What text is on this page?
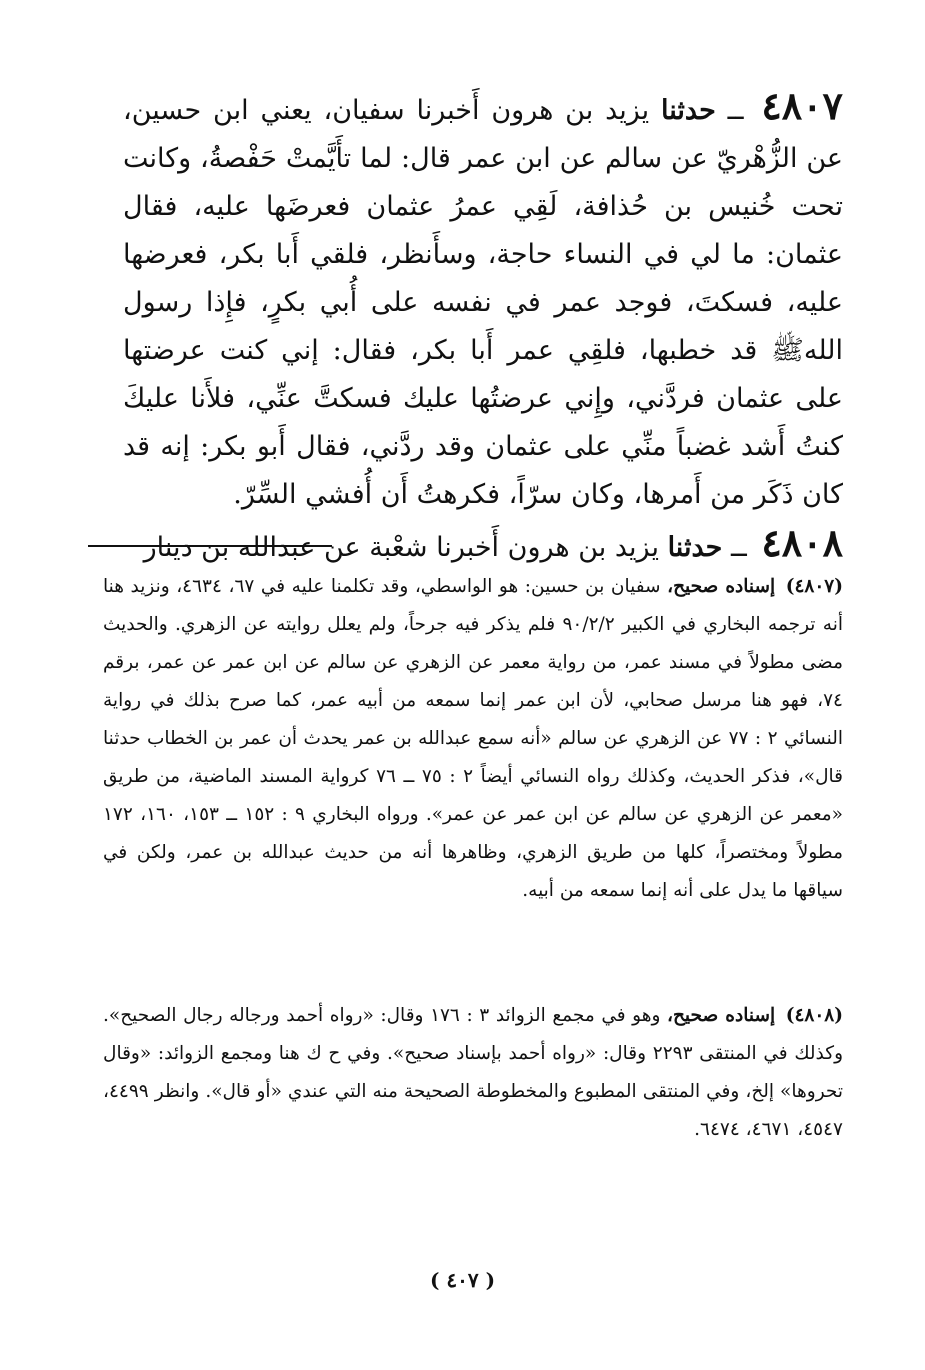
٤٨٠٧ ــ حدثنا يزيد بن هرون أَخبرنا سفيان، يعني ابن حسين، عن الزُّهْريّ عن سالم عن ابن عمر قال: لما تأَيَّمتْ حَفْصةُ، وكانت تحت خُنيس بن حُذافة، لَقِي عمرُ عثمان فعرضَها عليه، فقال عثمان: ما لي في النساء حاجة، وسأَنظر، فلقي أَبا بكر، فعرضها عليه، فسكتَ، فوجد عمر في نفسه على أُبي بكرٍ، فإِذا رسول اللهﷺ قد خطبها، فلقِي عمر أَبا بكر، فقال: إني كنت عرضتها على عثمان فردَّني، وإِني عرضتُها عليك فسكتَّ عنِّي، فلأَنا عليكَ كنتُ أَشد غضباً منِّي على عثمان وقد ردَّني، فقال أَبو بكر: إنه قد كان ذَكَر من أَمرها، وكان سرّاً، فكرهتُ أَن أُفشي السِّرّ.
٤٨٠٨ ــ حدثنا يزيد بن هرون أَخبرنا شعْبة عن عبدالله بن دينار

(٤٨٠٧) إسناده صحيح، سفيان بن حسين: هو الواسطي، وقد تكلمنا عليه في ٦٧، ٤٦٣٤، ونزيد هنا أنه ترجمه البخاري في الكبير ٩٠/٢/٢ فلم يذكر فيه جرحاً، ولم يعلل روايته عن الزهري. والحديث مضى مطولاً في مسند عمر، من رواية معمر عن الزهري عن سالم عن ابن عمر عن عمر، برقم ٧٤، فهو هنا مرسل صحابي، لأن ابن عمر إنما سمعه من أبيه عمر، كما صرح بذلك في رواية النسائي ٢ : ٧٧ عن الزهري عن سالم «أنه سمع عبدالله بن عمر يحدث أن عمر بن الخطاب حدثنا قال»، فذكر الحديث، وكذلك رواه النسائي أيضاً ٢ : ٧٥ ــ ٧٦ كرواية المسند الماضية، من طريق «معمر عن الزهري عن سالم عن ابن عمر عن عمر». ورواه البخاري ٩ : ١٥٢ ــ ١٥٣، ١٦٠، ١٧٢ مطولاً ومختصراً، كلها من طريق الزهري، وظاهرها أنه من حديث عبدالله بن عمر، ولكن في سياقها ما يدل على أنه إنما سمعه من أبيه.

(٤٨٠٨) إسناده صحيح، وهو في مجمع الزوائد ٣ : ١٧٦ وقال: «رواه أحمد ورجاله رجال الصحيح». وكذلك في المنتقى ٢٢٩٣ وقال: «رواه أحمد بإسناد صحيح». وفي ح ك هنا ومجمع الزوائد: «وقال تحروها» إلخ، وفي المنتقى المطبوع والمخطوطة الصحيحة منه التي عندي «أو قال». وانظر ٤٤٩٩، ٤٥٤٧، ٤٦٧١، ٦٤٧٤.

( ٤٠٧ )
